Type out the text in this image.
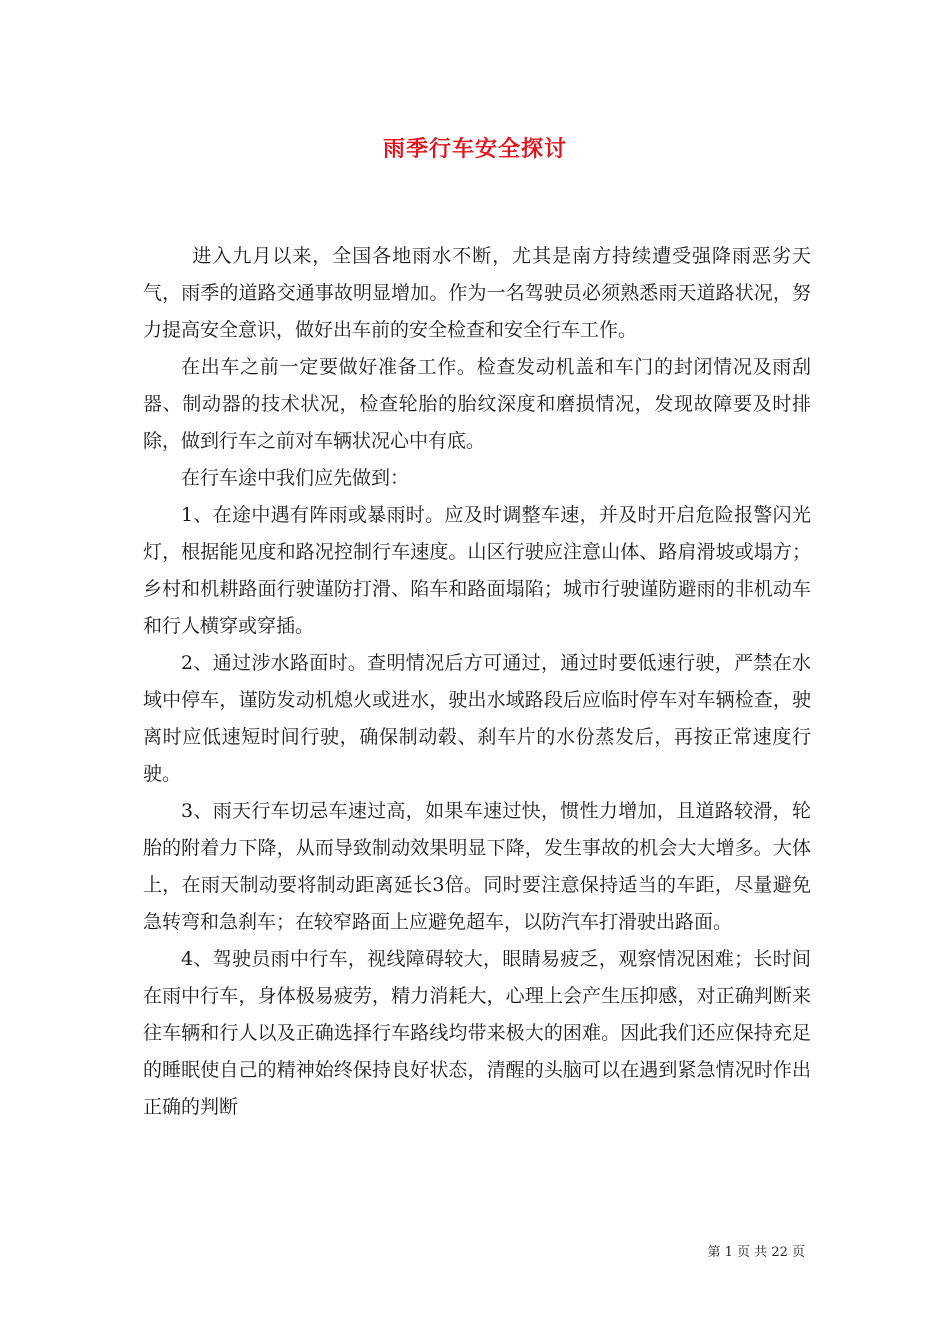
雨季行车安全探讨

进入九月以来，全国各地雨水不断，尤其是南方持续遭受强降雨恶劣天气，雨季的道路交通事故明显增加。作为一名驾驶员必须熟悉雨天道路状况，努力提高安全意识，做好出车前的安全检查和安全行车工作。

在出车之前一定要做好准备工作。检查发动机盖和车门的封闭情况及雨刮器、制动器的技术状况，检查轮胎的胎纹深度和磨损情况，发现故障要及时排除，做到行车之前对车辆状况心中有底。

在行车途中我们应先做到：

1、在途中遇有阵雨或暴雨时。应及时调整车速，并及时开启危险报警闪光灯，根据能见度和路况控制行车速度。山区行驶应注意山体、路肩滑坡或塌方；乡村和机耕路面行驶谨防打滑、陷车和路面塌陷；城市行驶谨防避雨的非机动车和行人横穿或穿插。

2、通过涉水路面时。查明情况后方可通过，通过时要低速行驶，严禁在水域中停车，谨防发动机熄火或进水，驶出水域路段后应临时停车对车辆检查，驶离时应低速短时间行驶，确保制动毂、刹车片的水份蒸发后，再按正常速度行驶。

3、雨天行车切忌车速过高，如果车速过快，惯性力增加，且道路较滑，轮胎的附着力下降，从而导致制动效果明显下降，发生事故的机会大大增多。大体上，在雨天制动要将制动距离延长3倍。同时要注意保持适当的车距，尽量避免急转弯和急刹车；在较窄路面上应避免超车，以防汽车打滑驶出路面。

4、驾驶员雨中行车，视线障碍较大，眼睛易疲乏，观察情况困难；长时间在雨中行车，身体极易疲劳，精力消耗大，心理上会产生压抑感，对正确判断来往车辆和行人以及正确选择行车路线均带来极大的困难。因此我们还应保持充足的睡眠使自己的精神始终保持良好状态，清醒的头脑可以在遇到紧急情况时作出正确的判断

第 1 页 共 22 页
